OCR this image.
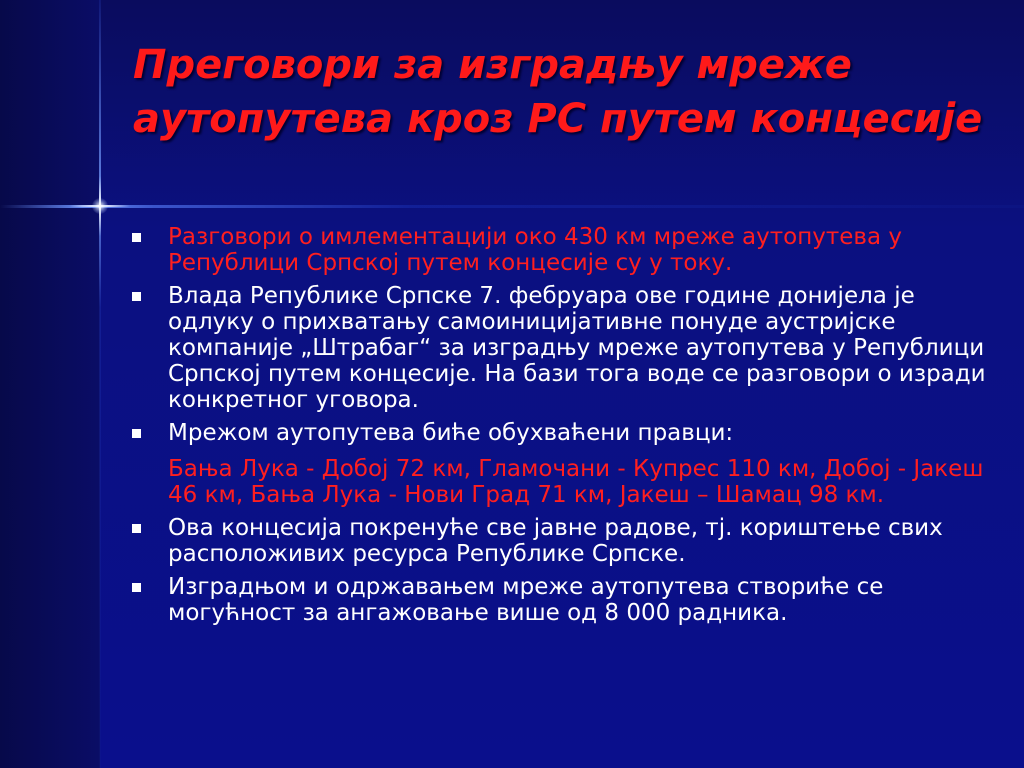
Преговори за изградњу мреже аутопутева кроз РС путем концесије
Разговори о имлементацији око 430 км мреже аутопутева у Републици Српској путем концесије су у току.
Влада Републике Српске 7. фебруара ове године донијела је одлуку о прихватању самоиницијативне понуде аустријске компаније „Штрабаг“ за изградњу мреже аутопутева у Републици Српској путем концесије. На бази тога воде се разговори о изради конкретног уговора.
Мрежом аутопутева биће обухваћени правци:
Бања Лука - Добој 72 км, Гламочани - Купрес 110 км, Добој - Јакеш 46 км, Бања Лука - Нови Град 71 км, Јакеш – Шамац 98 км.
Ова концесија покренуће све јавне радове, тј. кориштење свих расположивих ресурса Републике Српске.
Изградњом и одржавањем мреже аутопутева створиће се могућност за ангажовање више од 8 000 радника.
